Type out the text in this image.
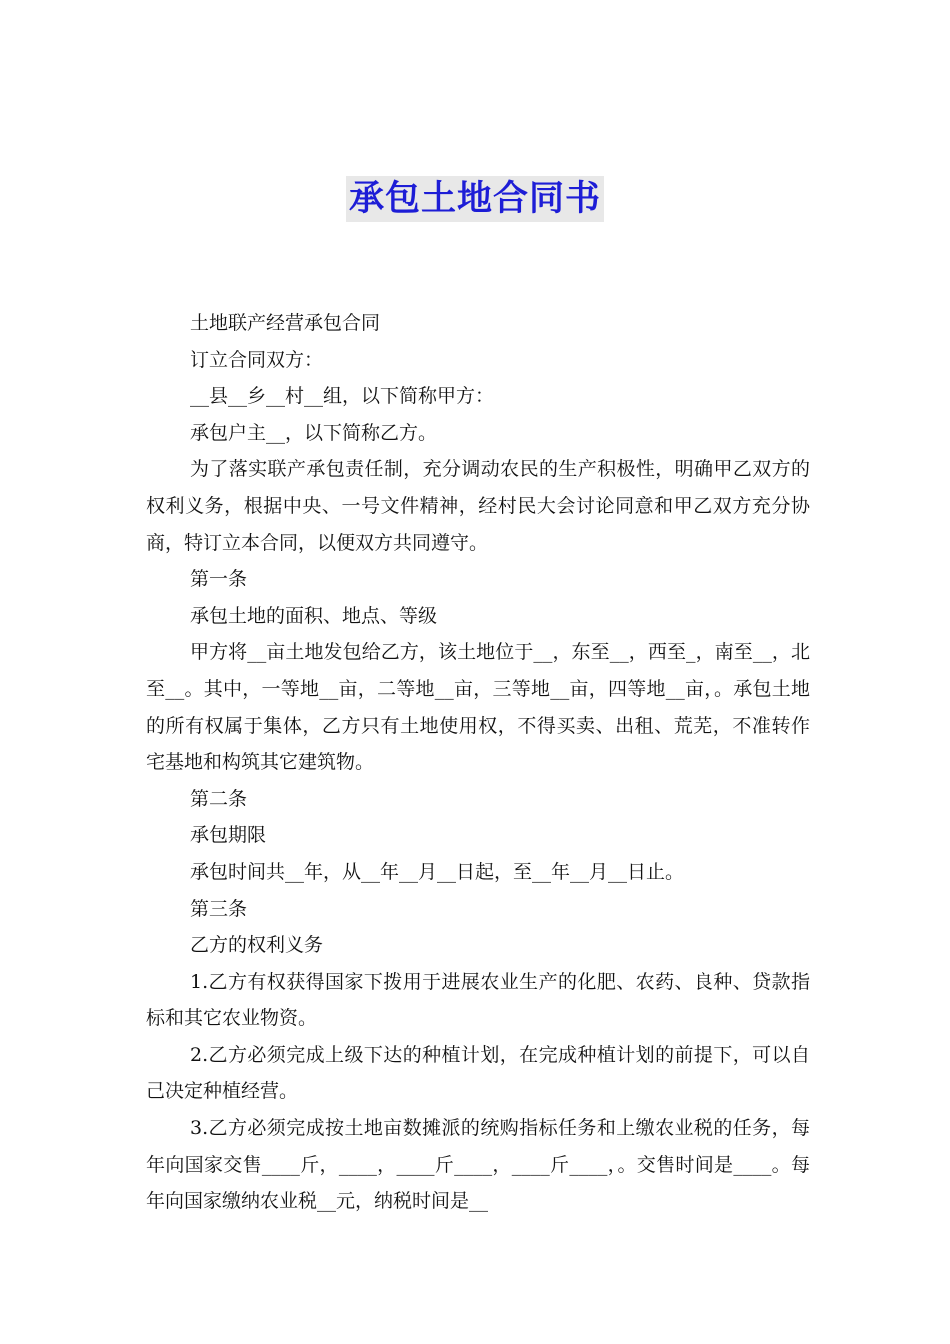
承包土地合同书

土地联产经营承包合同

订立合同双方：

__县__乡__村__组，以下简称甲方：

承包户主__，以下简称乙方。

为了落实联产承包责任制，充分调动农民的生产积极性，明确甲乙双方的权利义务，根据中央、一号文件精神，经村民大会讨论同意和甲乙双方充分协商，特订立本合同，以便双方共同遵守。

第一条

承包土地的面积、地点、等级

甲方将__亩土地发包给乙方，该土地位于__，东至__，西至_，南至__，北至__。其中，一等地__亩，二等地__亩，三等地__亩，四等地__亩，。承包土地的所有权属于集体，乙方只有土地使用权，不得买卖、出租、荒芜，不准转作宅基地和构筑其它建筑物。

第二条

承包期限

承包时间共__年，从__年__月__日起，至__年__月__日止。

第三条

乙方的权利义务

1.乙方有权获得国家下拨用于进展农业生产的化肥、农药、良种、贷款指标和其它农业物资。

2.乙方必须完成上级下达的种植计划，在完成种植计划的前提下，可以自己决定种植经营。

3.乙方必须完成按土地亩数摊派的统购指标任务和上缴农业税的任务，每年向国家交售____斤，____，____斤____，____斤____，。交售时间是____。每年向国家缴纳农业税__元，纳税时间是__
